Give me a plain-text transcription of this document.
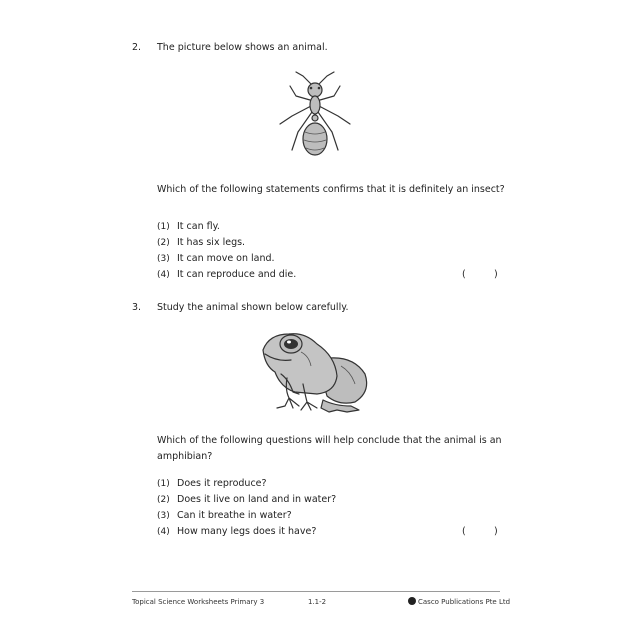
2. The picture below shows an animal.
Which of the following statements confirms that it is definitely an insect?
(1) It can fly.
(2) It has six legs.
(3) It can move on land.
(4) It can reproduce and die.	(	)
3. Study the animal shown below carefully.
Which of the following questions will help conclude that the animal is an
amphibian?
(1) Does it reproduce?
(2) Does it live on land and in water?
(3) Can it breathe in water?
(4) How many legs does it have?	(	)
Topical Science Worksheets Primary 3	1.1-2	Casco Publications Pte Ltd
